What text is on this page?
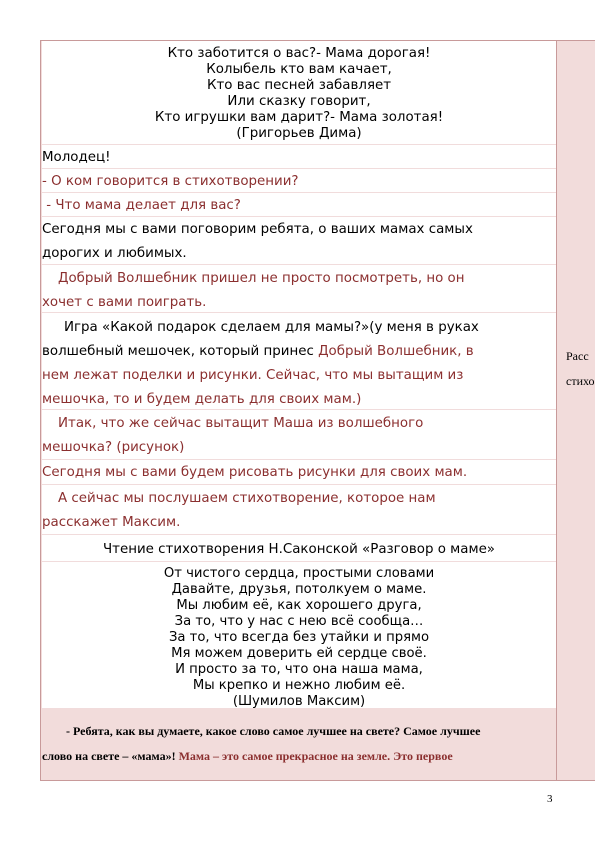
Кто заботится о вас?- Мама дорогая!
Колыбель кто вам качает,
Кто вас песней забавляет
Или сказку говорит,
Кто игрушки вам дарит?- Мама золотая!
(Григорьев Дима)
Молодец!
- О ком говорится в стихотворении?
- Что мама делает для вас?
Сегодня мы с вами поговорим ребята, о ваших мамах самых
дорогих и любимых.
Добрый Волшебник пришел не просто посмотреть, но он
хочет с вами поиграть.
Игра «Какой подарок сделаем для мамы?»(у меня в руках
волшебный мешочек, который принес Добрый Волшебник, в
нем лежат поделки и рисунки. Сейчас, что мы вытащим из
мешочка, то и будем делать для своих мам.)
Итак, что же сейчас вытащит Маша из волшебного
мешочка? (рисунок)
Сегодня мы с вами будем рисовать рисунки для своих мам.
А сейчас мы послушаем стихотворение, которое нам
расскажет Максим.
Чтение стихотворения Н.Саконской «Разговор о маме»
От чистого сердца, простыми словами
Давайте, друзья, потолкуем о маме.
Мы любим её, как хорошего друга,
За то, что у нас с нею всё сообща…
За то, что всегда без утайки и прямо
Мя можем доверить ей сердце своё.
И просто за то, что она наша мама,
Мы крепко и нежно любим её.
(Шумилов Максим)
Расс
стихо
- Ребята, как вы думаете, какое слово самое лучшее на свете? Самое лучшее
слово на свете – «мама»! Мама – это самое прекрасное на земле. Это первое
3
